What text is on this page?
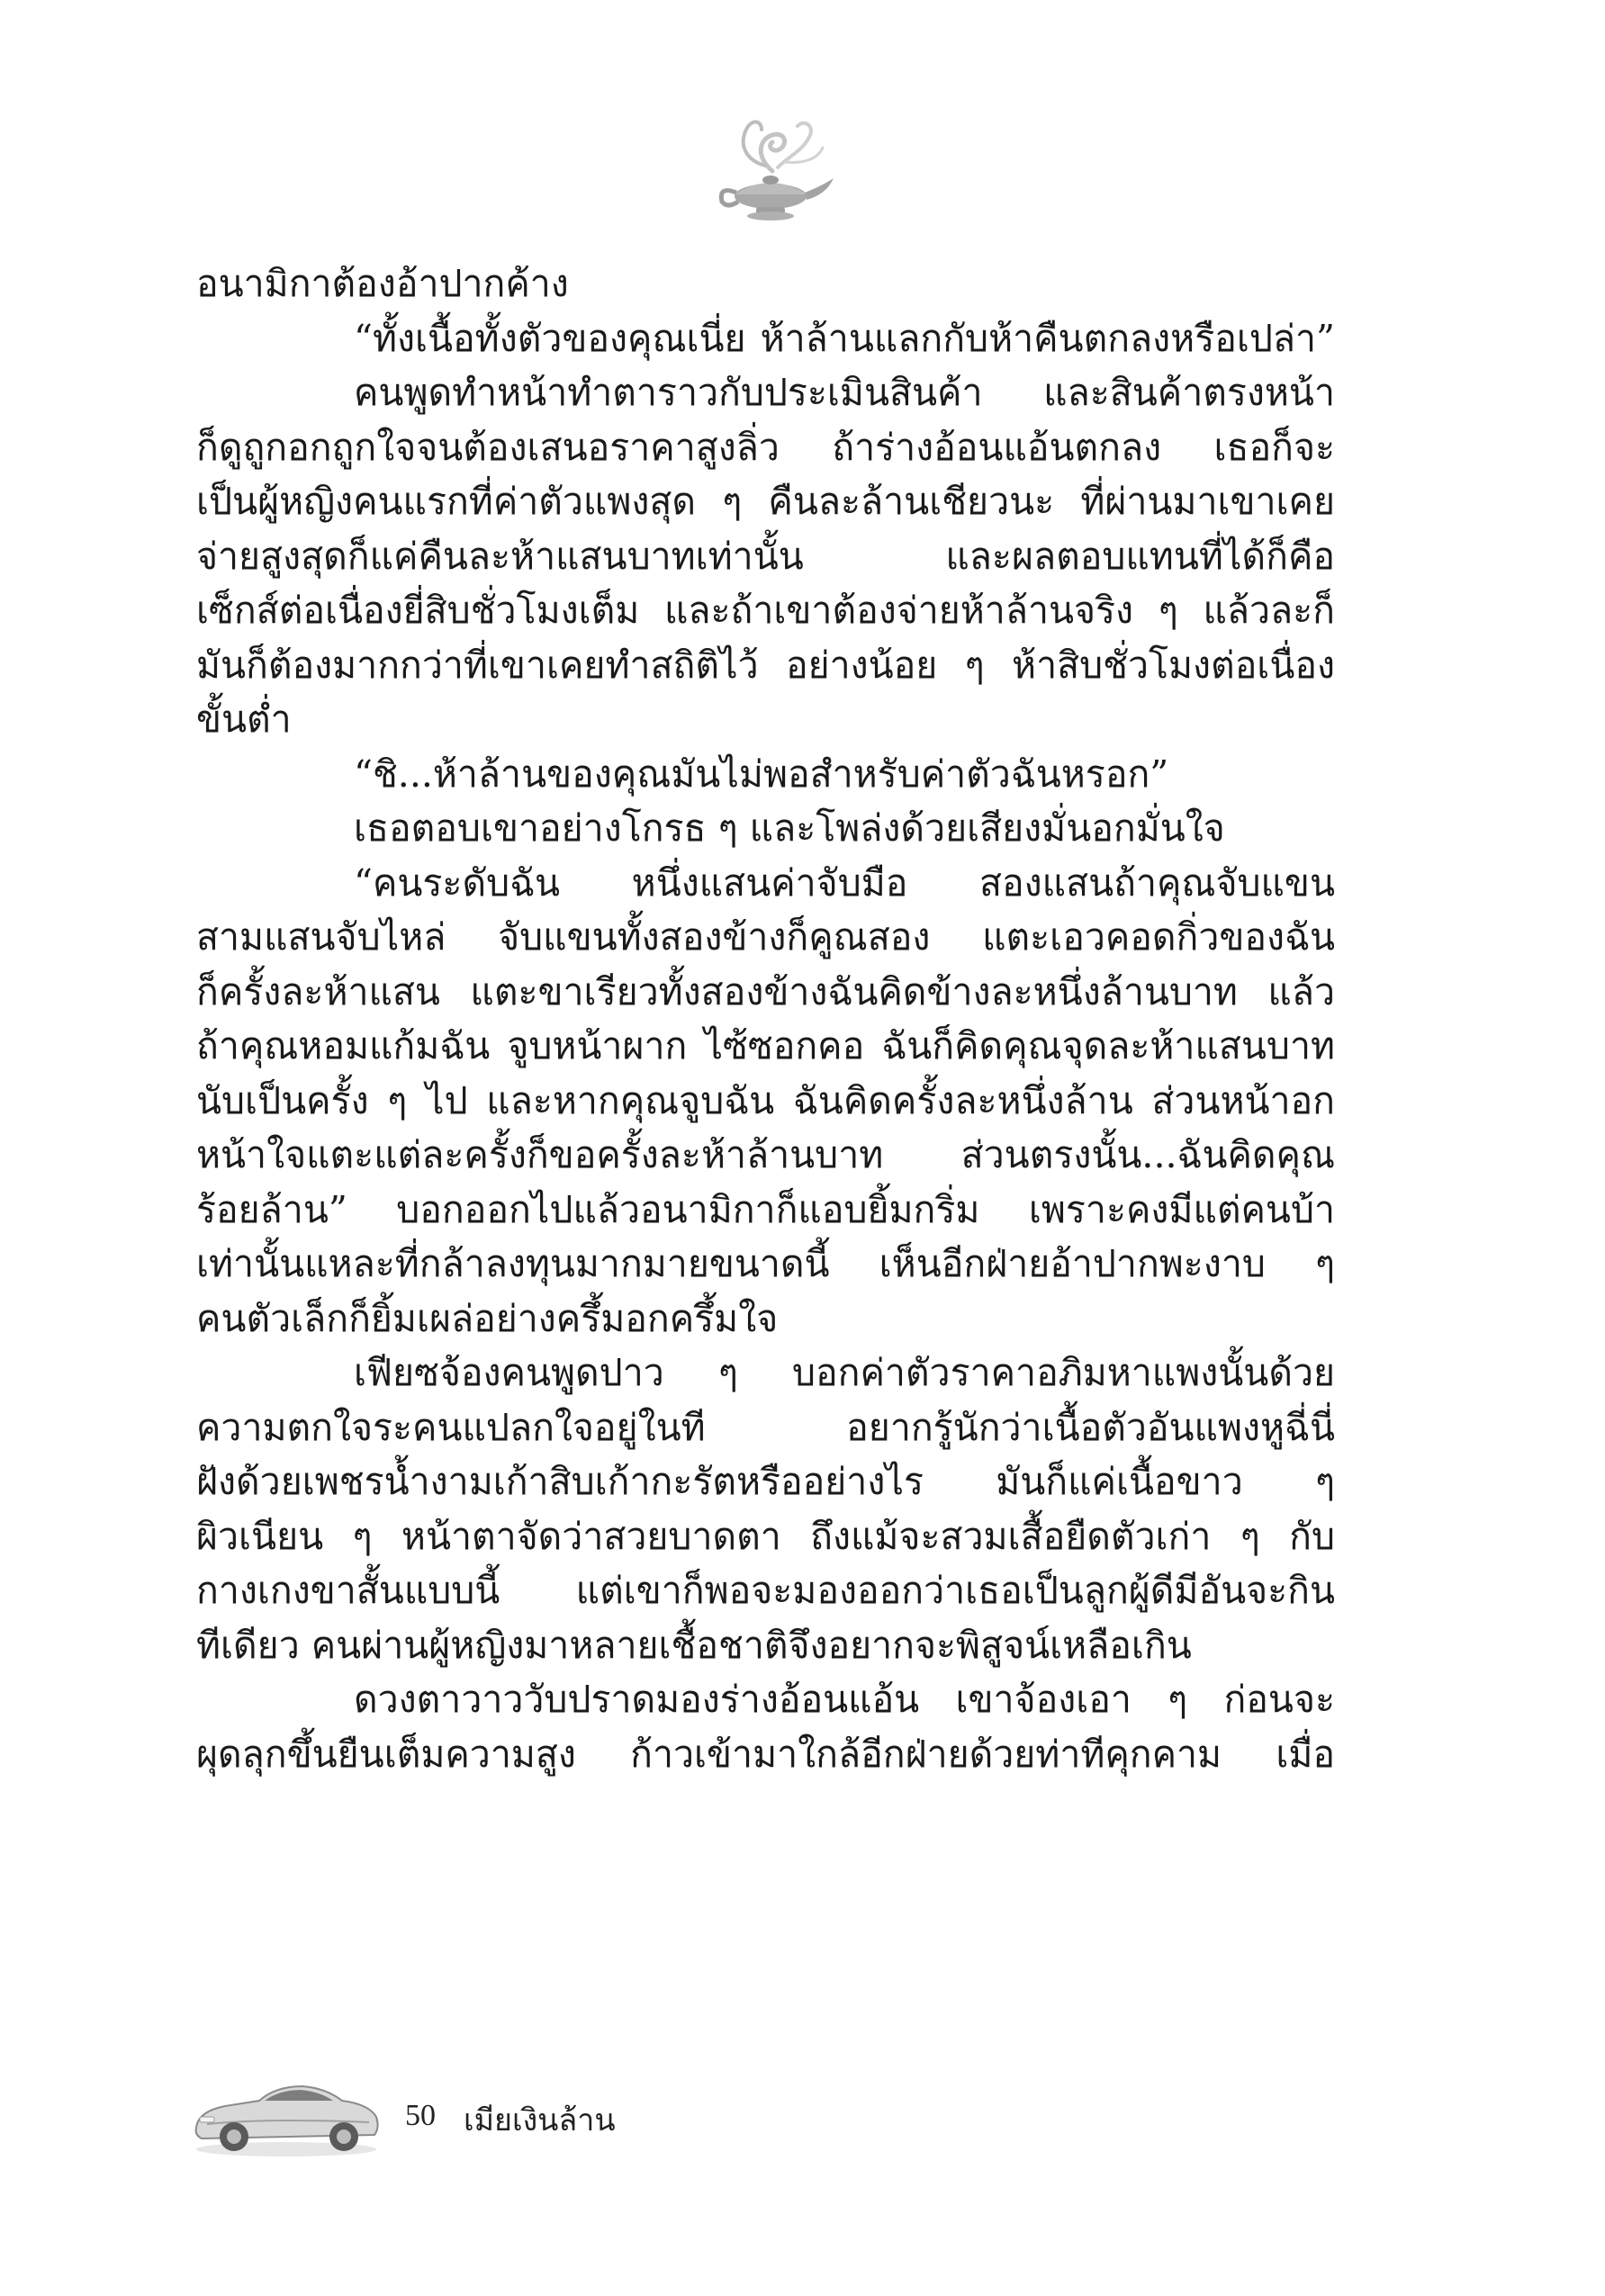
อนามิกาต้องอ้าปากค้าง
“ทั้งเนื้อทั้งตัวของคุณเนี่ย ห้าล้านแลกกับห้าคืนตกลงหรือเปล่า”
คนพูดทำหน้าทำตาราวกับประเมินสินค้า และสินค้าตรงหน้า
ก็ดูถูกอกถูกใจจนต้องเสนอราคาสูงลิ่ว ถ้าร่างอ้อนแอ้นตกลง เธอก็จะ
เป็นผู้หญิงคนแรกที่ค่าตัวแพงสุด ๆ คืนละล้านเชียวนะ ที่ผ่านมาเขาเคย
จ่ายสูงสุดก็แค่คืนละห้าแสนบาทเท่านั้น และผลตอบแทนที่ได้ก็คือ
เซ็กส์ต่อเนื่องยี่สิบชั่วโมงเต็ม และถ้าเขาต้องจ่ายห้าล้านจริง ๆ แล้วละก็
มันก็ต้องมากกว่าที่เขาเคยทำสถิติไว้ อย่างน้อย ๆ ห้าสิบชั่วโมงต่อเนื่อง
ขั้นต่ำ
“ชิ...ห้าล้านของคุณมันไม่พอสำหรับค่าตัวฉันหรอก”
เธอตอบเขาอย่างโกรธ ๆ และโพล่งด้วยเสียงมั่นอกมั่นใจ
“คนระดับฉัน หนึ่งแสนค่าจับมือ สองแสนถ้าคุณจับแขน
สามแสนจับไหล่ จับแขนทั้งสองข้างก็คูณสอง แตะเอวคอดกิ่วของฉัน
ก็ครั้งละห้าแสน แตะขาเรียวทั้งสองข้างฉันคิดข้างละหนึ่งล้านบาท แล้ว
ถ้าคุณหอมแก้มฉัน จูบหน้าผาก ไซ้ซอกคอ ฉันก็คิดคุณจุดละห้าแสนบาท
นับเป็นครั้ง ๆ ไป และหากคุณจูบฉัน ฉันคิดครั้งละหนึ่งล้าน ส่วนหน้าอก
หน้าใจแตะแต่ละครั้งก็ขอครั้งละห้าล้านบาท ส่วนตรงนั้น...ฉันคิดคุณ
ร้อยล้าน” บอกออกไปแล้วอนามิกาก็แอบยิ้มกริ่ม เพราะคงมีแต่คนบ้า
เท่านั้นแหละที่กล้าลงทุนมากมายขนาดนี้ เห็นอีกฝ่ายอ้าปากพะงาบ ๆ
คนตัวเล็กก็ยิ้มเผล่อย่างครึ้มอกครึ้มใจ
เฟียซจ้องคนพูดปาว ๆ บอกค่าตัวราคาอภิมหาแพงนั้นด้วย
ความตกใจระคนแปลกใจอยู่ในที อยากรู้นักว่าเนื้อตัวอันแพงหูฉี่นี่
ฝังด้วยเพชรน้ำงามเก้าสิบเก้ากะรัตหรืออย่างไร มันก็แค่เนื้อขาว ๆ
ผิวเนียน ๆ หน้าตาจัดว่าสวยบาดตา ถึงแม้จะสวมเสื้อยืดตัวเก่า ๆ กับ
กางเกงขาสั้นแบบนี้ แต่เขาก็พอจะมองออกว่าเธอเป็นลูกผู้ดีมีอันจะกิน
ทีเดียว คนผ่านผู้หญิงมาหลายเชื้อชาติจึงอยากจะพิสูจน์เหลือเกิน
ดวงตาวาววับปราดมองร่างอ้อนแอ้น เขาจ้องเอา ๆ ก่อนจะ
ผุดลุกขึ้นยืนเต็มความสูง ก้าวเข้ามาใกล้อีกฝ่ายด้วยท่าทีคุกคาม เมื่อ
50 เมียเงินล้าน
